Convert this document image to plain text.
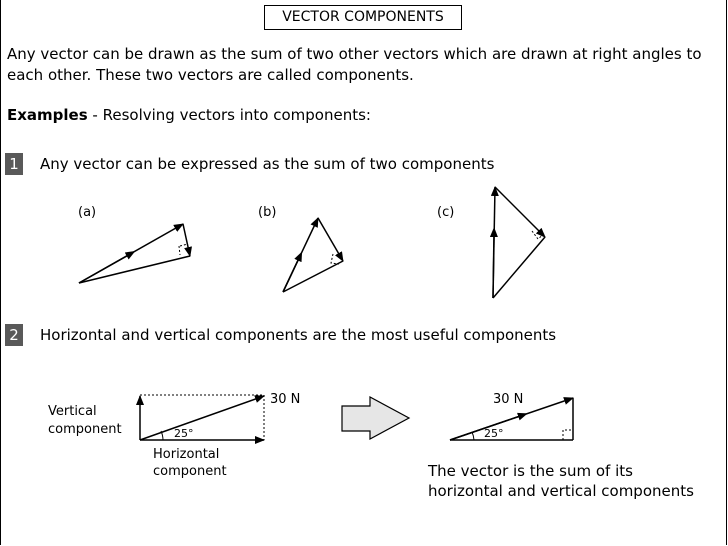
VECTOR COMPONENTS
Any vector can be drawn as the sum of two other vectors which are drawn at right angles to each other. These two vectors are called components.
Examples - Resolving vectors into components:
1 Any vector can be expressed as the sum of two components
(a)	(b)	(c)
2 Horizontal and vertical components are the most useful components
30 N
Vertical
component	25°
Horizontal
component
30 N
25°
The vector is the sum of its
horizontal and vertical components
